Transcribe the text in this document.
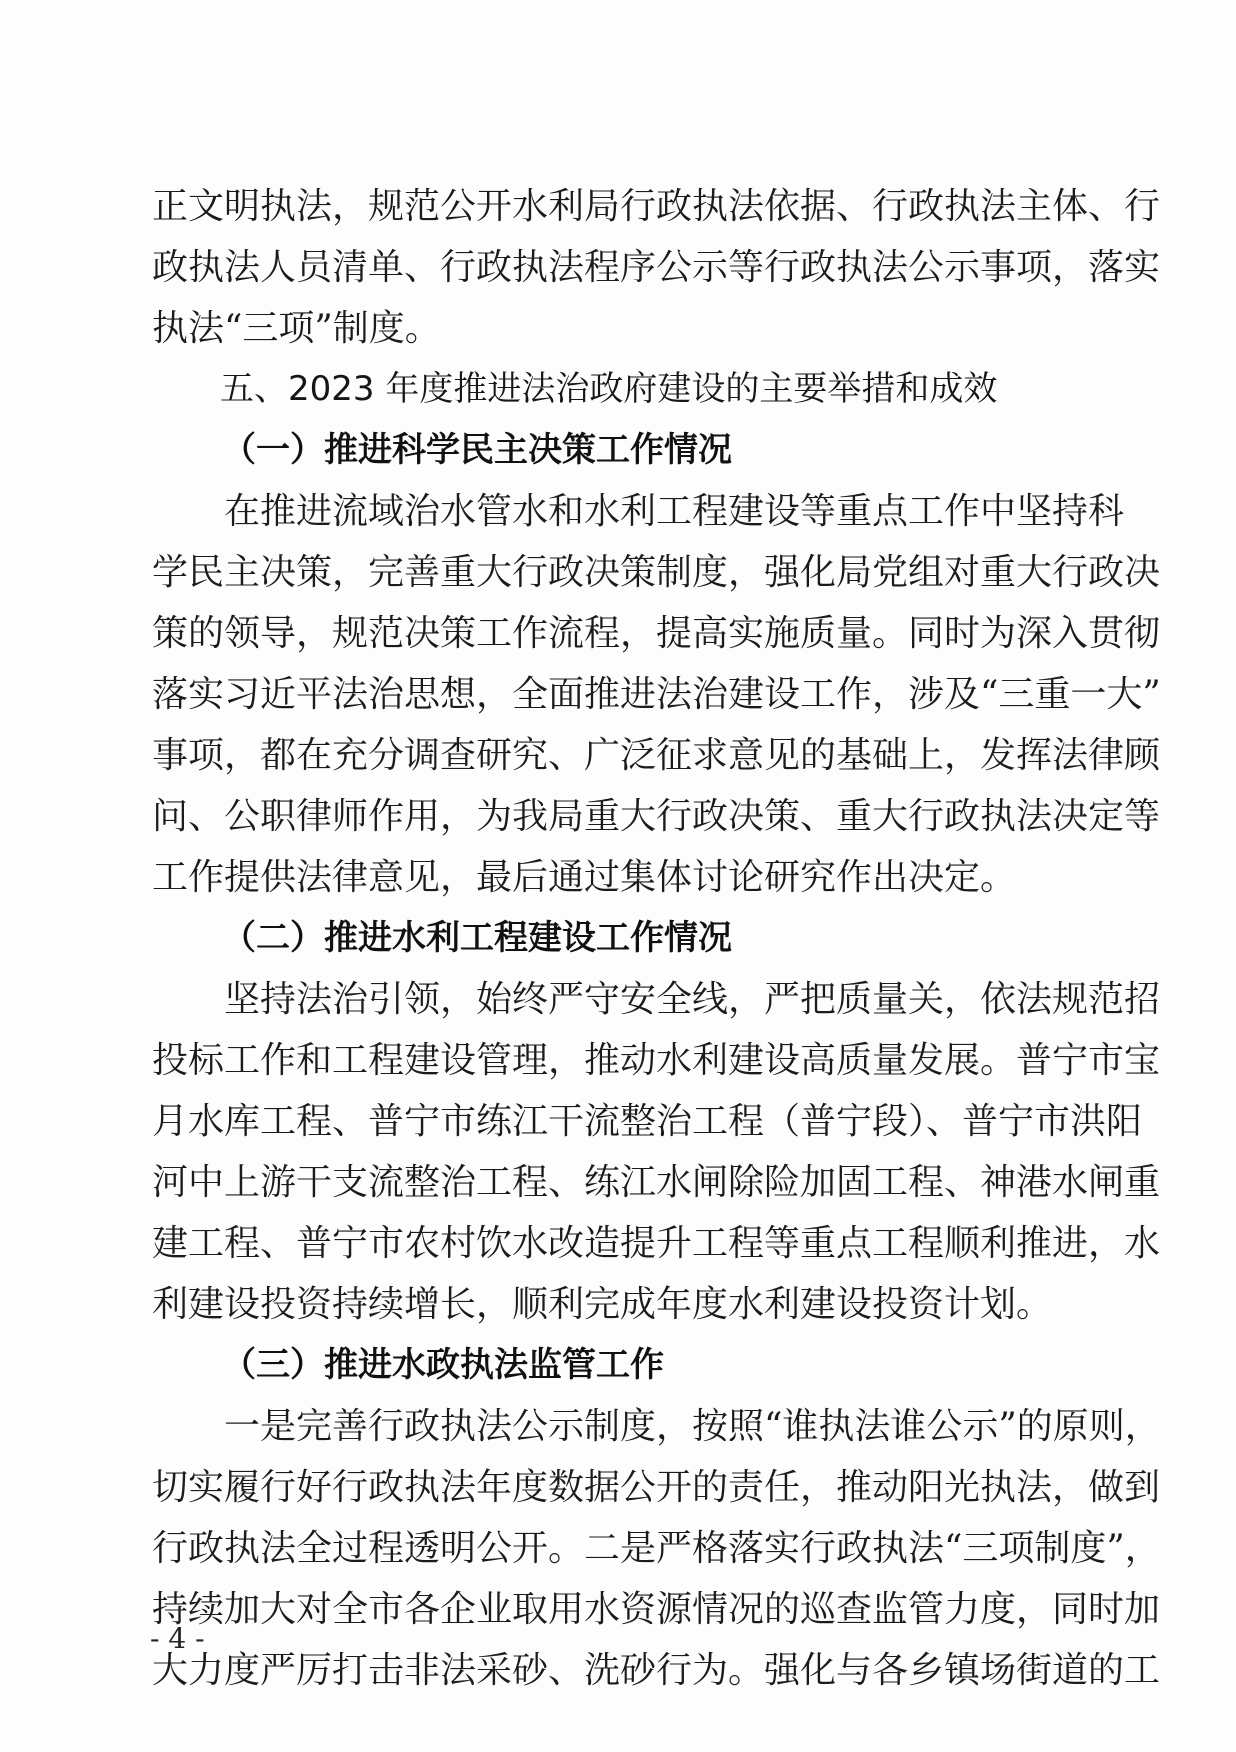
正文明执法，规范公开水利局行政执法依据、行政执法主体、行
政执法人员清单、行政执法程序公示等行政执法公示事项，落实
执法“三项”制度。
五、2023 年度推进法治政府建设的主要举措和成效
（一）推进科学民主决策工作情况
在推进流域治水管水和水利工程建设等重点工作中坚持科
学民主决策，完善重大行政决策制度，强化局党组对重大行政决
策的领导，规范决策工作流程，提高实施质量。同时为深入贯彻
落实习近平法治思想，全面推进法治建设工作，涉及“三重一大”
事项，都在充分调查研究、广泛征求意见的基础上，发挥法律顾
问、公职律师作用，为我局重大行政决策、重大行政执法决定等
工作提供法律意见，最后通过集体讨论研究作出决定。
（二）推进水利工程建设工作情况
坚持法治引领，始终严守安全线，严把质量关，依法规范招
投标工作和工程建设管理，推动水利建设高质量发展。普宁市宝
月水库工程、普宁市练江干流整治工程（普宁段）、普宁市洪阳
河中上游干支流整治工程、练江水闸除险加固工程、神港水闸重
建工程、普宁市农村饮水改造提升工程等重点工程顺利推进，水
利建设投资持续增长，顺利完成年度水利建设投资计划。
（三）推进水政执法监管工作
一是完善行政执法公示制度，按照“谁执法谁公示”的原则，
切实履行好行政执法年度数据公开的责任，推动阳光执法，做到
行政执法全过程透明公开。二是严格落实行政执法“三项制度”，
持续加大对全市各企业取用水资源情况的巡查监管力度，同时加
大力度严厉打击非法采砂、洗砂行为。强化与各乡镇场街道的工
- 4 -
